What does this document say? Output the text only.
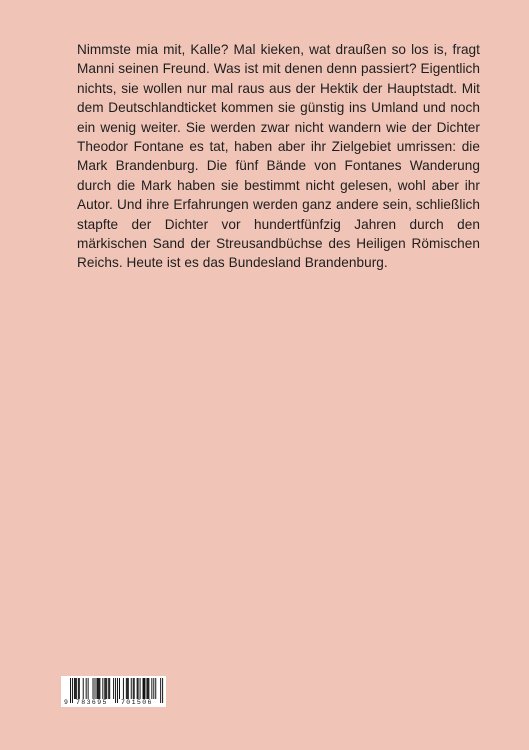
Nimmste mia mit, Kalle? Mal kieken, wat draußen so los is, fragt Manni seinen Freund. Was ist mit denen denn passiert? Eigentlich nichts, sie wollen nur mal raus aus der Hektik der Hauptstadt. Mit dem Deutschlandticket kommen sie günstig ins Umland und noch ein wenig weiter. Sie werden zwar nicht wandern wie der Dichter Theodor Fontane es tat, haben aber ihr Zielgebiet umrissen: die Mark Brandenburg. Die fünf Bände von Fontanes Wanderung durch die Mark haben sie bestimmt nicht gelesen, wohl aber ihr Autor. Und ihre Erfahrungen werden ganz andere sein, schließlich stapfte der Dichter vor hundertfünfzig Jahren durch den märkischen Sand der Streusandbüchse des Heiligen Römischen Reichs. Heute ist es das Bundesland Brandenburg.

9 783695 701506
